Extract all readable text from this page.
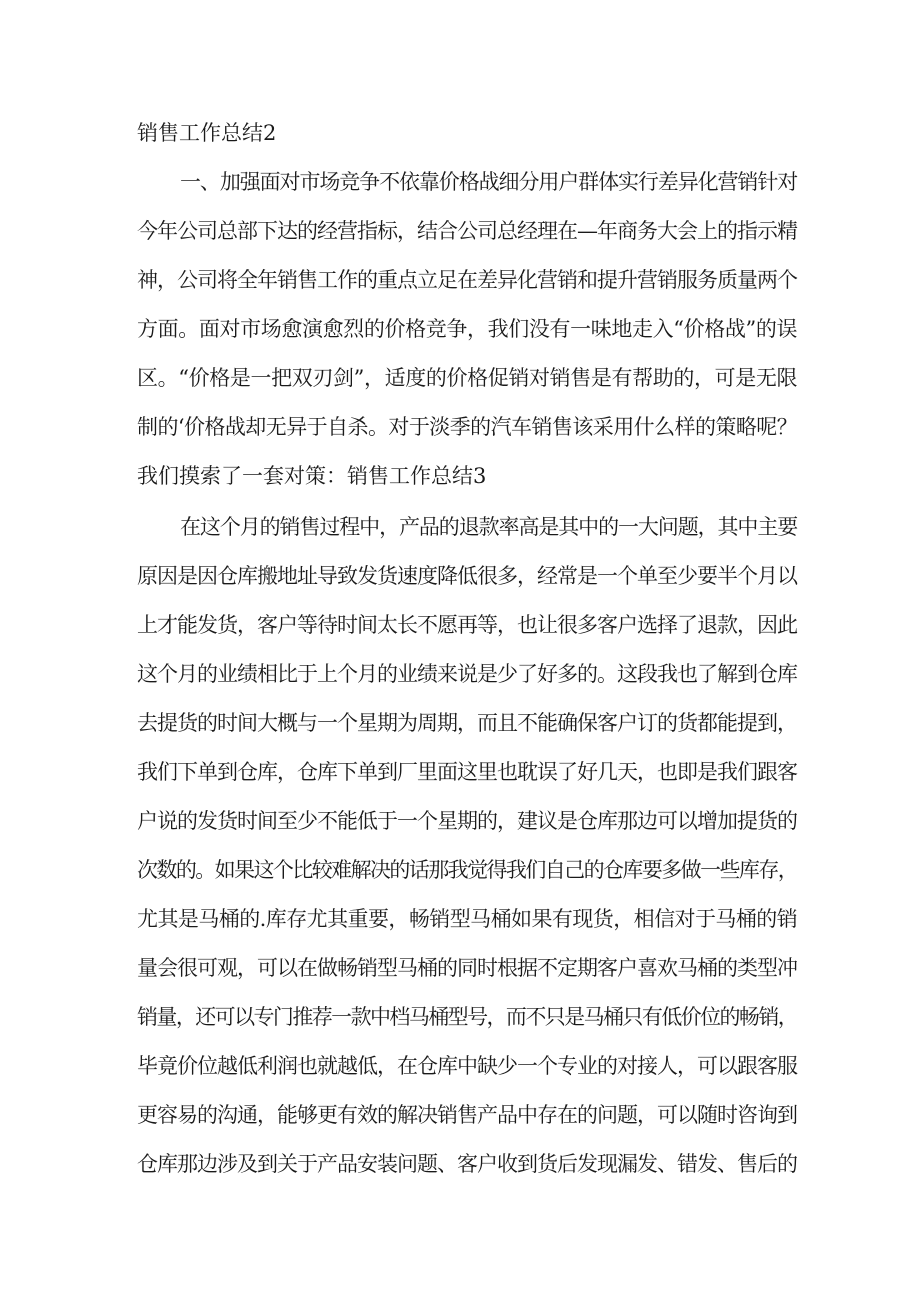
销售工作总结2
一、加强面对市场竞争不依靠价格战细分用户群体实行差异化营销针对
今年公司总部下达的经营指标，结合公司总经理在—年商务大会上的指示精
神，公司将全年销售工作的重点立足在差异化营销和提升营销服务质量两个
方面。面对市场愈演愈烈的价格竞争，我们没有一味地走入“价格战”的误
区。“价格是一把双刃剑”，适度的价格促销对销售是有帮助的，可是无限
制的‘价格战却无异于自杀。对于淡季的汽车销售该采用什么样的策略呢？
我们摸索了一套对策：销售工作总结3
在这个月的销售过程中，产品的退款率高是其中的一大问题，其中主要
原因是因仓库搬地址导致发货速度降低很多，经常是一个单至少要半个月以
上才能发货，客户等待时间太长不愿再等，也让很多客户选择了退款，因此
这个月的业绩相比于上个月的业绩来说是少了好多的。这段我也了解到仓库
去提货的时间大概与一个星期为周期，而且不能确保客户订的货都能提到，
我们下单到仓库，仓库下单到厂里面这里也耽误了好几天，也即是我们跟客
户说的发货时间至少不能低于一个星期的，建议是仓库那边可以增加提货的
次数的。如果这个比较难解决的话那我觉得我们自己的仓库要多做一些库存，
尤其是马桶的.库存尤其重要，畅销型马桶如果有现货，相信对于马桶的销
量会很可观，可以在做畅销型马桶的同时根据不定期客户喜欢马桶的类型冲
销量，还可以专门推荐一款中档马桶型号，而不只是马桶只有低价位的畅销，
毕竟价位越低利润也就越低，在仓库中缺少一个专业的对接人，可以跟客服
更容易的沟通，能够更有效的解决销售产品中存在的问题，可以随时咨询到
仓库那边涉及到关于产品安装问题、客户收到货后发现漏发、错发、售后的
